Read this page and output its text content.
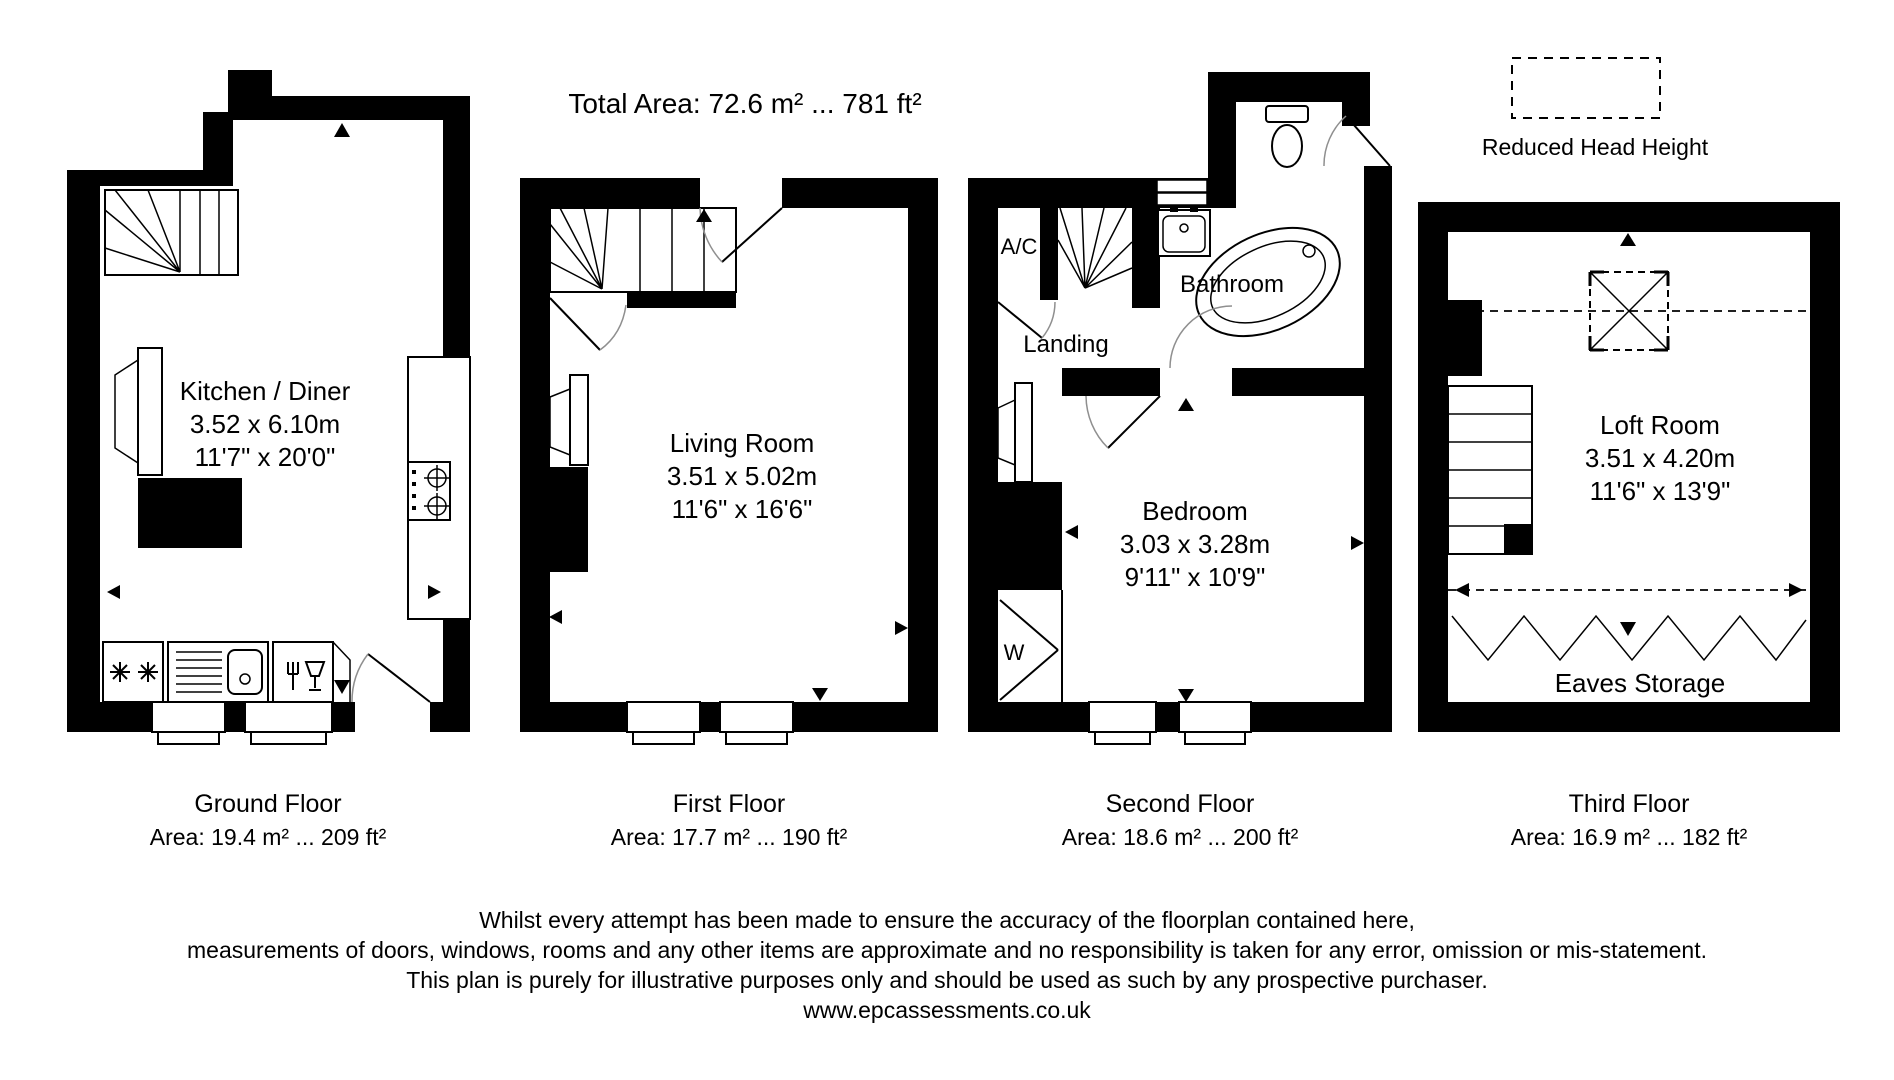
Total Area: 72.6 m² ... 781 ft²
Reduced Head Height
Kitchen / Diner
3.52 x 6.10m
11'7" x 20'0"	Living Room
3.51 x 5.02m
11'6" x 16'6"
W
A/C
Landing
Bathroom
Bedroom
3.03 x 3.28m
9'11" x 10'9"
Loft Room
3.51 x 4.20m
11'6" x 13'9"
Eaves Storage
Ground Floor
Area: 19.4 m² ... 209 ft²
First Floor
Area: 17.7 m² ... 190 ft²
Second Floor
Area: 18.6 m² ... 200 ft²
Third Floor
Area: 16.9 m² ... 182 ft²
Whilst every attempt has been made to ensure the accuracy of the floorplan contained here,
measurements of doors, windows, rooms and any other items are approximate and no responsibility is taken for any error, omission or mis-statement.
This plan is purely for illustrative purposes only and should be used as such by any prospective purchaser.
www.epcassessments.co.uk
